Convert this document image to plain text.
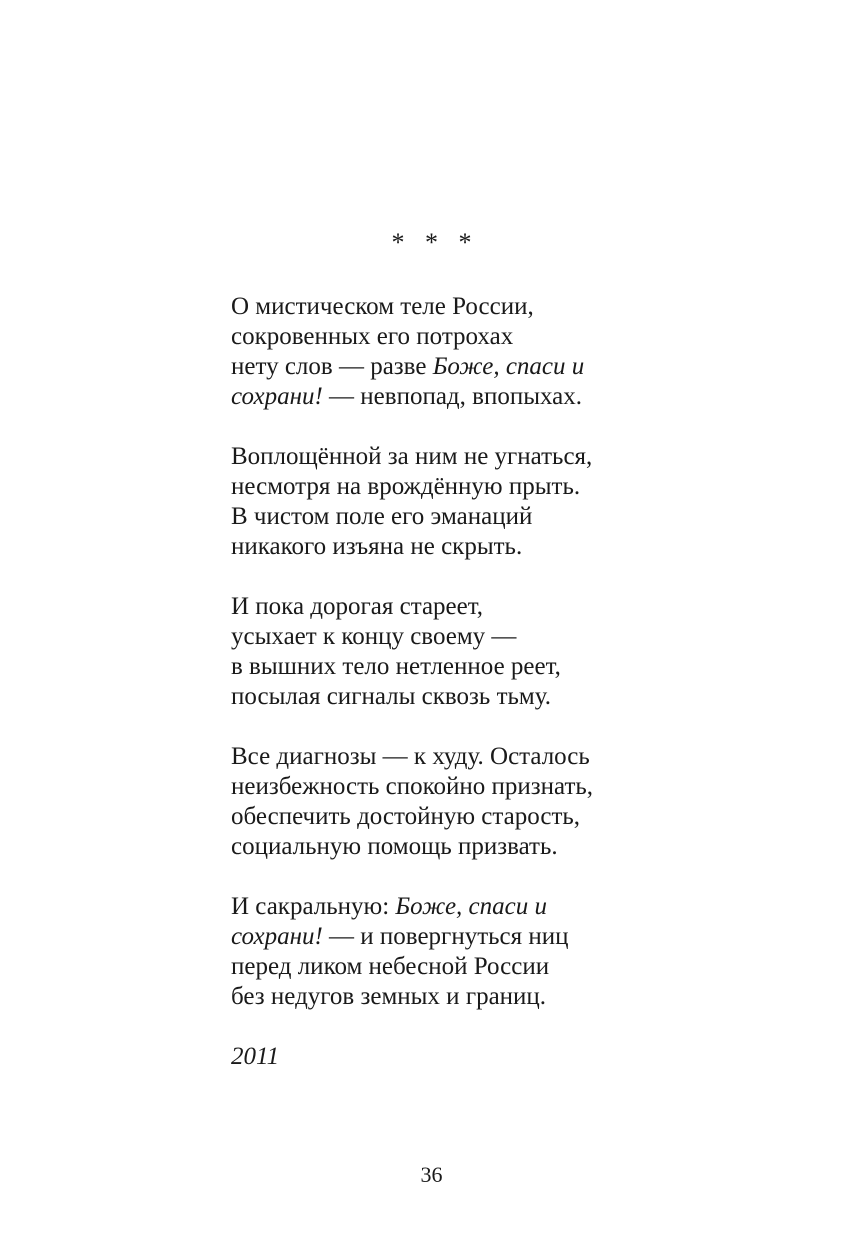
* * *
О мистическом теле России,
сокровенных его потрохах
нету слов — разве Боже, спаси и
сохрани! — невпопад, впопыхах.
Воплощённой за ним не угнаться,
несмотря на врождённую прыть.
В чистом поле его эманаций
никакого изъяна не скрыть.
И пока дорогая стареет,
усыхает к концу своему —
в вышних тело нетленное реет,
посылая сигналы сквозь тьму.
Все диагнозы — к худу. Осталось
неизбежность спокойно признать,
обеспечить достойную старость,
социальную помощь призвать.
И сакральную: Боже, спаси и
сохрани! — и повергнуться ниц
перед ликом небесной России
без недугов земных и границ.
2011
36
